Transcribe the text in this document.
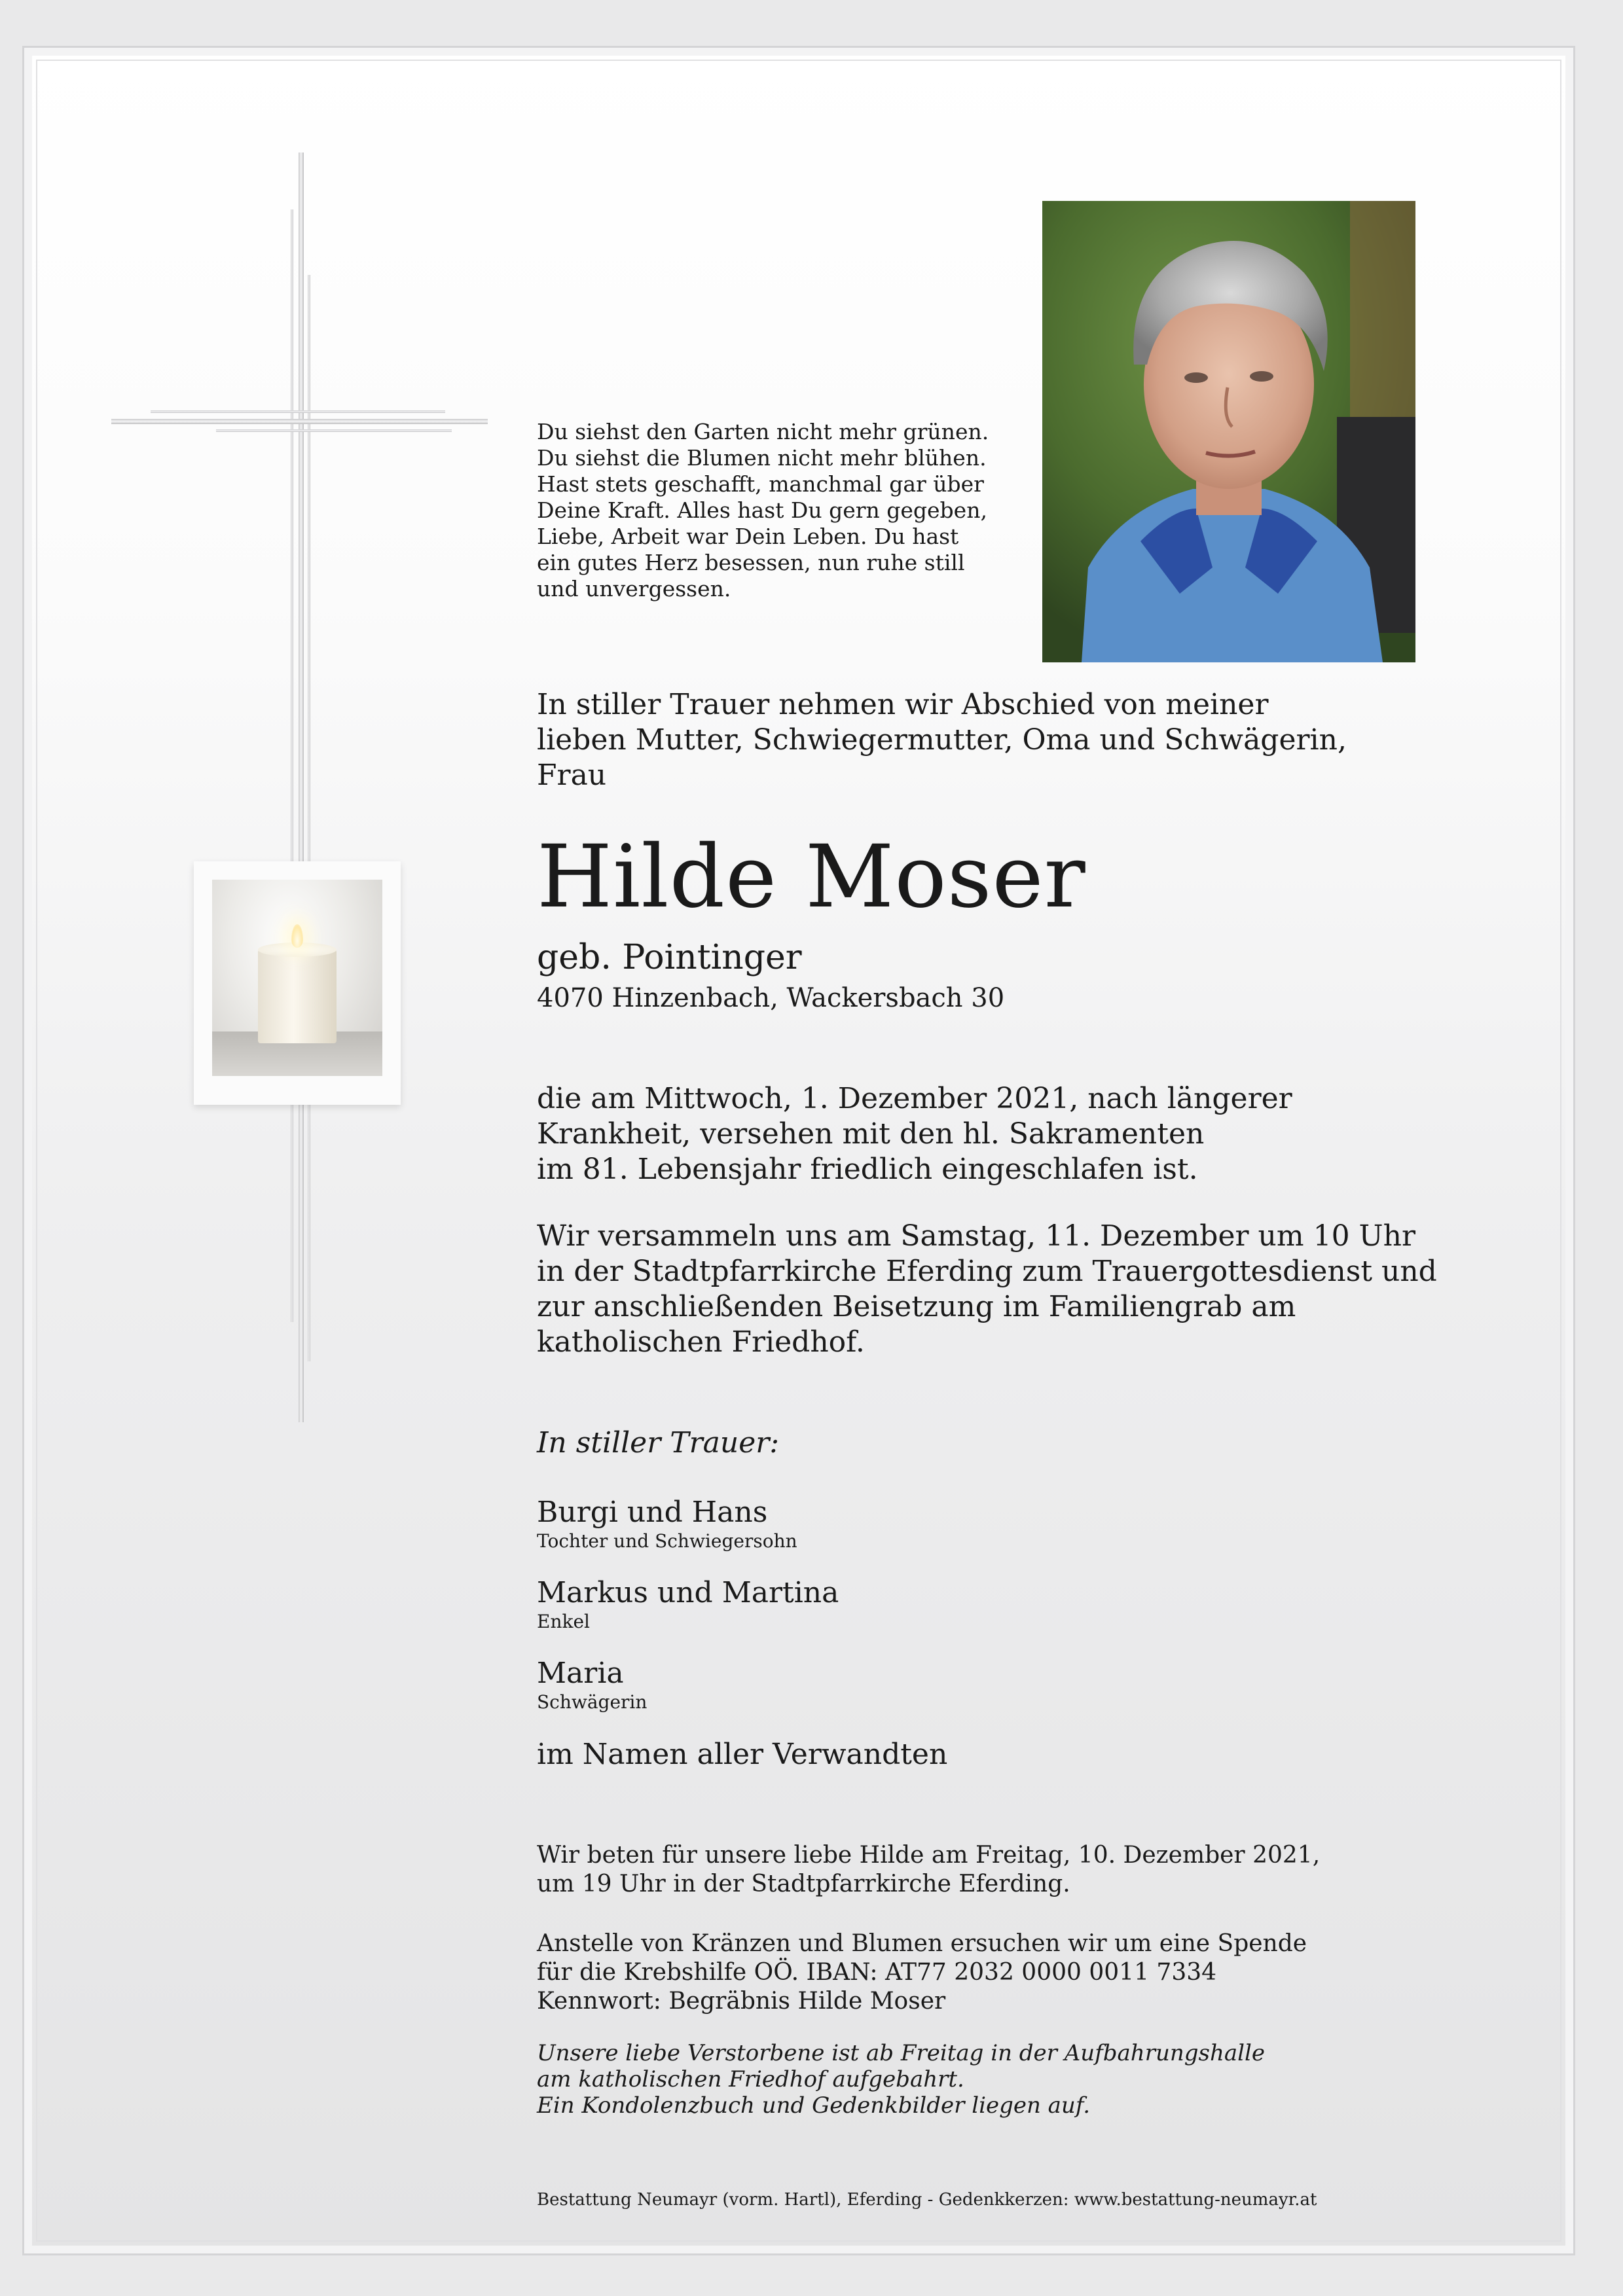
Du siehst den Garten nicht mehr grünen.
Du siehst die Blumen nicht mehr blühen.
Hast stets geschafft, manchmal gar über
Deine Kraft. Alles hast Du gern gegeben,
Liebe, Arbeit war Dein Leben. Du hast
ein gutes Herz besessen, nun ruhe still
und unvergessen.

In stiller Trauer nehmen wir Abschied von meiner
lieben Mutter, Schwiegermutter, Oma und Schwägerin,
Frau

Hilde Moser

geb. Pointinger

4070 Hinzenbach, Wackersbach 30

die am Mittwoch, 1. Dezember 2021, nach längerer
Krankheit, versehen mit den hl. Sakramenten
im 81. Lebensjahr friedlich eingeschlafen ist.

Wir versammeln uns am Samstag, 11. Dezember um 10 Uhr
in der Stadtpfarrkirche Eferding zum Trauergottesdienst und
zur anschließenden Beisetzung im Familiengrab am
katholischen Friedhof.

In stiller Trauer:

Burgi und Hans

Tochter und Schwiegersohn

Markus und Martina

Enkel

Maria

Schwägerin

im Namen aller Verwandten

Wir beten für unsere liebe Hilde am Freitag, 10. Dezember 2021,
um 19 Uhr in der Stadtpfarrkirche Eferding.

Anstelle von Kränzen und Blumen ersuchen wir um eine Spende
für die Krebshilfe OÖ. IBAN: AT77 2032 0000 0011 7334
Kennwort: Begräbnis Hilde Moser

Unsere liebe Verstorbene ist ab Freitag in der Aufbahrungshalle
am katholischen Friedhof aufgebahrt.
Ein Kondolenzbuch und Gedenkbilder liegen auf.

Bestattung Neumayr (vorm. Hartl), Eferding - Gedenkkerzen: www.bestattung-neumayr.at
